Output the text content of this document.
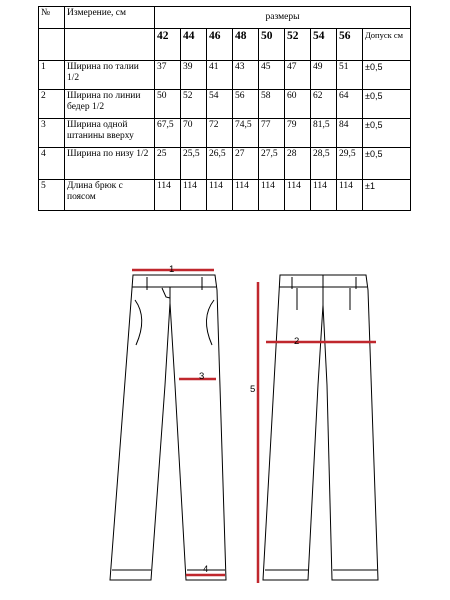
№	Измерение, см	размеры								
		42	44	46	48	50	52	54	56	Допуск см
1	Ширина по талии 1/2	37	39	41	43	45	47	49	51	±0,5
2	Ширина по линии бедер 1/2	50	52	54	56	58	60	62	64	±0,5
3	Ширина одной штанины вверху	67,5	70	72	74,5	77	79	81,5	84	±0,5
4	Ширина по низу 1/2	25	25,5	26,5	27	27,5	28	28,5	29,5	±0,5
5	Длина брюк с поясом	114	114	114	114	114	114	114	114	±1
1
2
3
4
5
